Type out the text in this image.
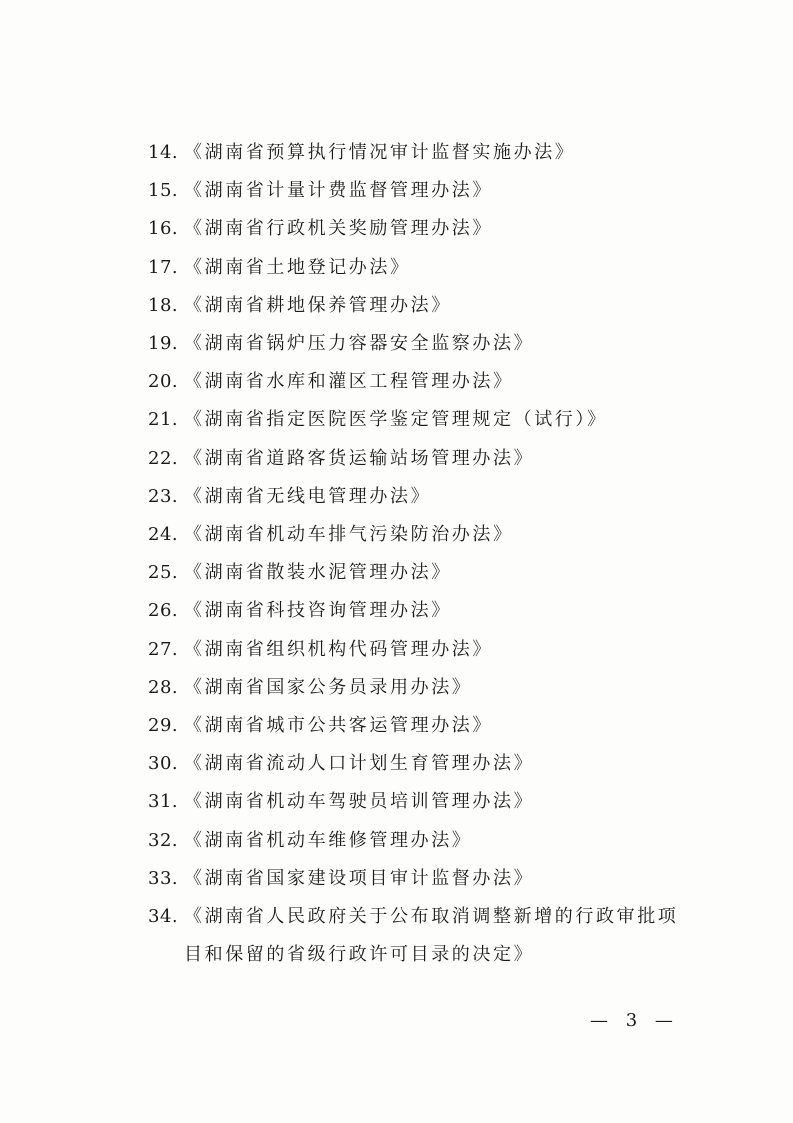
14. 《湖南省预算执行情况审计监督实施办法》
15. 《湖南省计量计费监督管理办法》
16. 《湖南省行政机关奖励管理办法》
17. 《湖南省土地登记办法》
18. 《湖南省耕地保养管理办法》
19. 《湖南省锅炉压力容器安全监察办法》
20. 《湖南省水库和灌区工程管理办法》
21. 《湖南省指定医院医学鉴定管理规定（试行）》
22. 《湖南省道路客货运输站场管理办法》
23. 《湖南省无线电管理办法》
24. 《湖南省机动车排气污染防治办法》
25. 《湖南省散装水泥管理办法》
26. 《湖南省科技咨询管理办法》
27. 《湖南省组织机构代码管理办法》
28. 《湖南省国家公务员录用办法》
29. 《湖南省城市公共客运管理办法》
30. 《湖南省流动人口计划生育管理办法》
31. 《湖南省机动车驾驶员培训管理办法》
32. 《湖南省机动车维修管理办法》
33. 《湖南省国家建设项目审计监督办法》
34. 《湖南省人民政府关于公布取消调整新增的行政审批项目和保留的省级行政许可目录的决定》
— 3 —
